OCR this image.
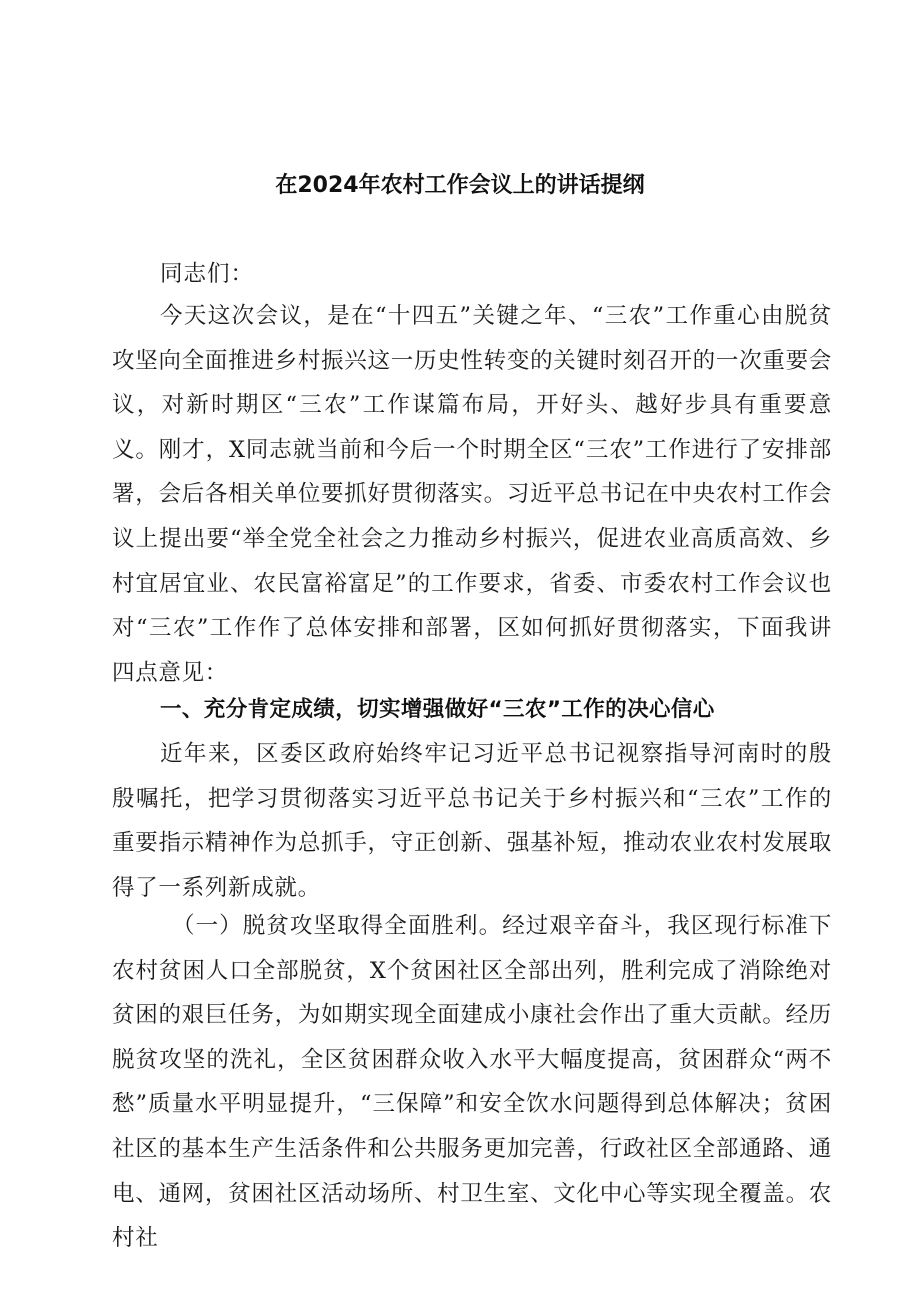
在2024年农村工作会议上的讲话提纲
同志们：
今天这次会议，是在“十四五”关键之年、“三农”工作重心由脱贫攻坚向全面推进乡村振兴这一历史性转变的关键时刻召开的一次重要会议，对新时期区“三农”工作谋篇布局，开好头、越好步具有重要意义。刚才，X同志就当前和今后一个时期全区“三农”工作进行了安排部署，会后各相关单位要抓好贯彻落实。习近平总书记在中央农村工作会议上提出要“举全党全社会之力推动乡村振兴，促进农业高质高效、乡村宜居宜业、农民富裕富足”的工作要求，省委、市委农村工作会议也对“三农”工作作了总体安排和部署，区如何抓好贯彻落实，下面我讲四点意见：
一、充分肯定成绩，切实增强做好“三农”工作的决心信心
近年来，区委区政府始终牢记习近平总书记视察指导河南时的殷殷嘱托，把学习贯彻落实习近平总书记关于乡村振兴和“三农”工作的重要指示精神作为总抓手，守正创新、强基补短，推动农业农村发展取得了一系列新成就。
（一）脱贫攻坚取得全面胜利。经过艰辛奋斗，我区现行标准下农村贫困人口全部脱贫，X个贫困社区全部出列，胜利完成了消除绝对贫困的艰巨任务，为如期实现全面建成小康社会作出了重大贡献。经历脱贫攻坚的洗礼，全区贫困群众收入水平大幅度提高，贫困群众“两不愁”质量水平明显提升，“三保障”和安全饮水问题得到总体解决；贫困社区的基本生产生活条件和公共服务更加完善，行政社区全部通路、通电、通网，贫困社区活动场所、村卫生室、文化中心等实现全覆盖。农村社
